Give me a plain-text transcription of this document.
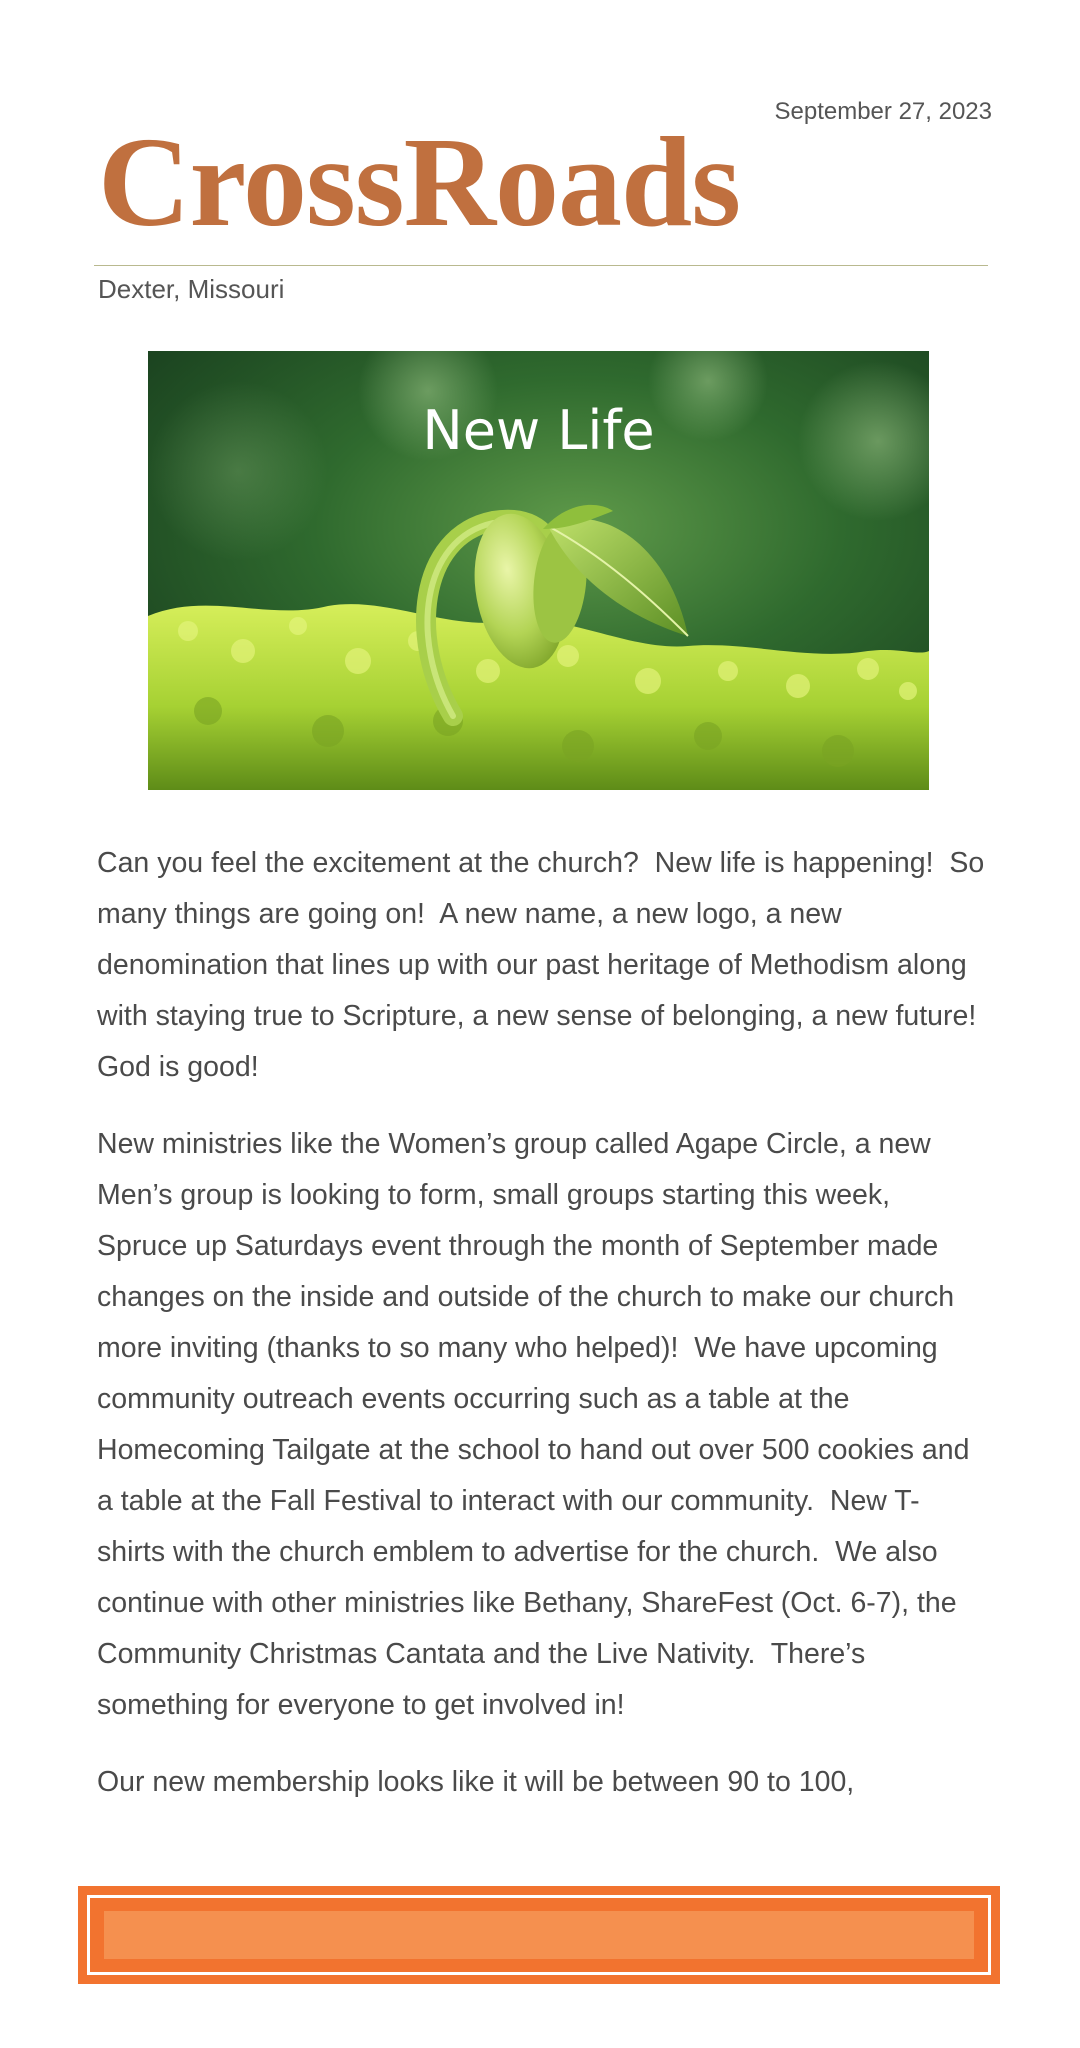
September 27, 2023
CrossRoads
Dexter, Missouri
New Life

Can you feel the excitement at the church?  New life is happening!  So many things are going on!  A new name, a new logo, a new denomination that lines up with our past heritage of Methodism along with staying true to Scripture, a new sense of belonging, a new future!  God is good!

New ministries like the Women’s group called Agape Circle, a new Men’s group is looking to form, small groups starting this week, Spruce up Saturdays event through the month of September made changes on the inside and outside of the church to make our church more inviting (thanks to so many who helped)!  We have upcoming community outreach events occurring such as a table at the Homecoming Tailgate at the school to hand out over 500 cookies and a table at the Fall Festival to interact with our community.  New T-shirts with the church emblem to advertise for the church.  We also continue with other ministries like Bethany, ShareFest (Oct. 6-7), the Community Christmas Cantata and the Live Nativity.  There’s something for everyone to get involved in!

Our new membership looks like it will be between 90 to 100,
